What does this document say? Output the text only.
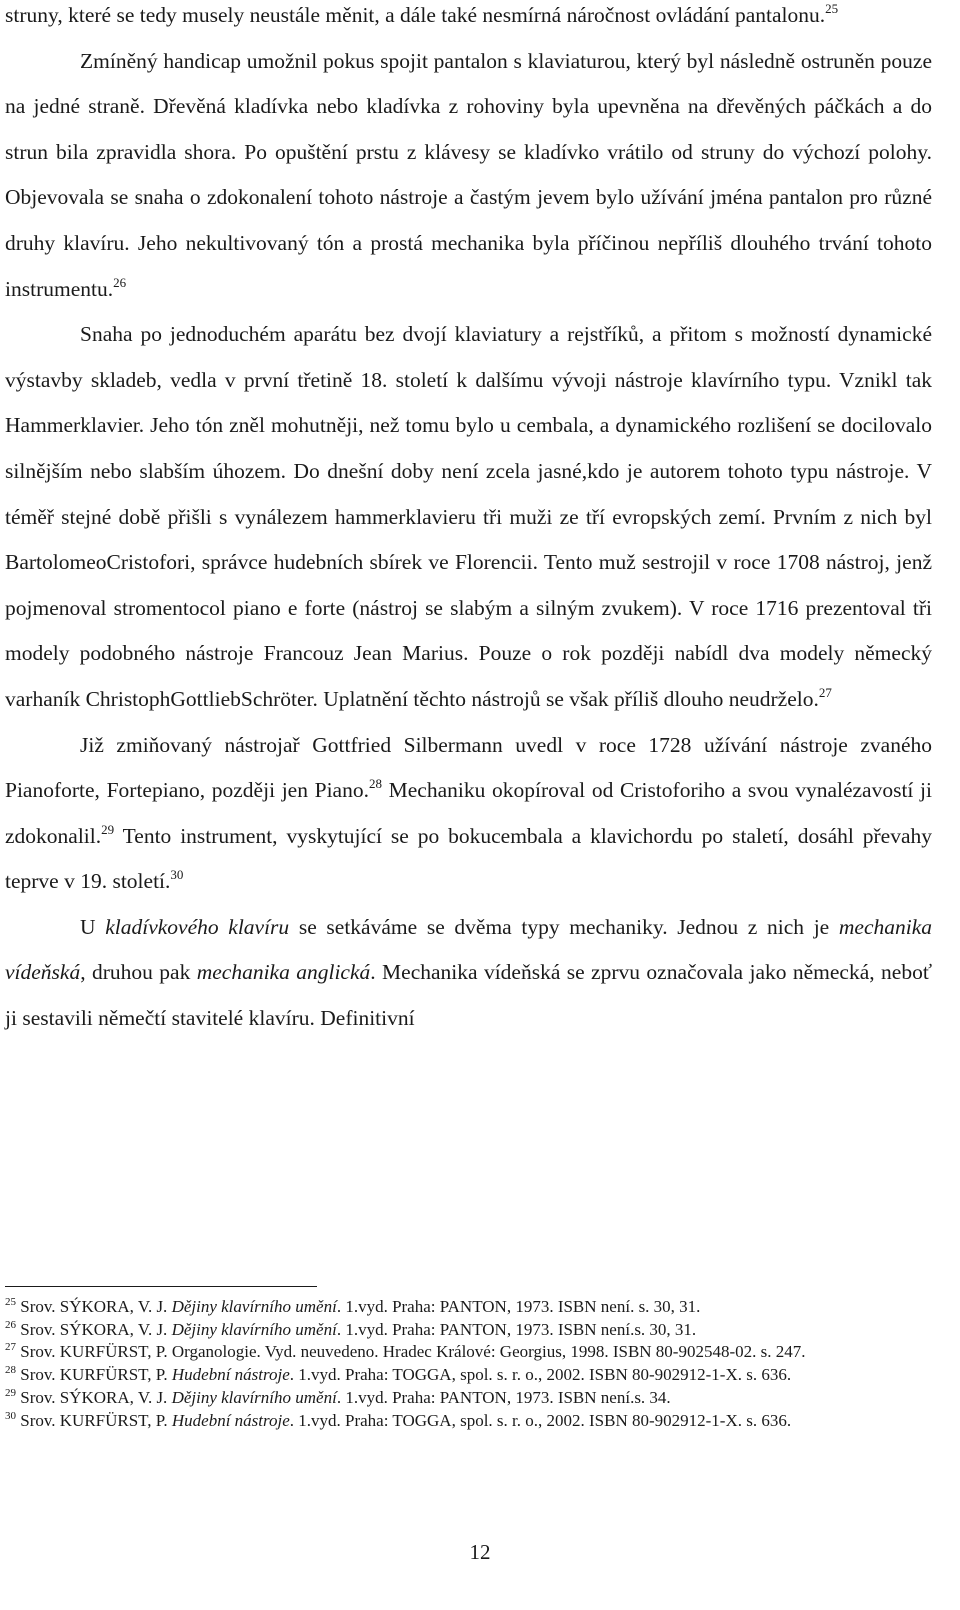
struny, které se tedy musely neustále měnit, a dále také nesmírná náročnost ovládání pantalonu.$^{25}$

Zmíněný handicap umožnil pokus spojit pantalon s klaviaturou, který byl následně ostruněn pouze na jedné straně. Dřevěná kladívka nebo kladívka z rohoviny byla upevněna na dřevěných páčkách a do strun bila zpravidla shora. Po opuštění prstu z klávesy se kladívko vrátilo od struny do výchozí polohy. Objevovala se snaha o zdokonalení tohoto nástroje a častým jevem bylo užívání jména pantalon pro různé druhy klavíru. Jeho nekultivovaný tón a prostá mechanika byla příčinou nepříliš dlouhého trvání tohoto instrumentu.$^{26}$

Snaha po jednoduchém aparátu bez dvojí klaviatury a rejstříků, a přitom s možností dynamické výstavby skladeb, vedla v první třetině 18. století k dalšímu vývoji nástroje klavírního typu. Vznikl tak Hammerklavier. Jeho tón zněl mohutněji, než tomu bylo u cembala, a dynamického rozlišení se docilovalo silnějším nebo slabším úhozem. Do dnešní doby není zcela jasné,kdo je autorem tohoto typu nástroje. V téměř stejné době přišli s vynálezem hammerklavieru tři muži ze tří evropských zemí. Prvním z nich byl BartolomeoCristofori, správce hudebních sbírek ve Florencii. Tento muž sestrojil v roce 1708 nástroj, jenž pojmenoval stromentocol piano e forte (nástroj se slabým a silným zvukem). V roce 1716 prezentoval tři modely podobného nástroje Francouz Jean Marius. Pouze o rok později nabídl dva modely německý varhaník ChristophGottliebSchröter. Uplatnění těchto nástrojů se však příliš dlouho neudrželo.$^{27}$

Již zmiňovaný nástrojař Gottfried Silbermann uvedl v roce 1728 užívání nástroje zvaného Pianoforte, Fortepiano, později jen Piano.$^{28}$ Mechaniku okopíroval od Cristoforiho a svou vynalézavostí ji zdokonalil.$^{29}$ Tento instrument, vyskytující se po bokucembala a klavichordu po staletí, dosáhl převahy teprve v 19. století.$^{30}$

U kladívkového klavíru se setkáváme se dvěma typy mechaniky. Jednou z nich je mechanika vídeňská, druhou pak mechanika anglická. Mechanika vídeňská se zprvu označovala jako německá, neboť ji sestavili němečtí stavitelé klavíru. Definitivní

$^{25}$ Srov. SÝKORA, V. J. Dějiny klavírního umění. 1.vyd. Praha: PANTON, 1973. ISBN není. s. 30, 31.

$^{26}$ Srov. SÝKORA, V. J. Dějiny klavírního umění. 1.vyd. Praha: PANTON, 1973. ISBN není.s. 30, 31.

$^{27}$ Srov. KURFÜRST, P. Organologie. Vyd. neuvedeno. Hradec Králové: Georgius, 1998. ISBN 80-902548-02. s. 247.

$^{28}$ Srov. KURFÜRST, P. Hudební nástroje. 1.vyd. Praha: TOGGA, spol. s. r. o., 2002. ISBN 80-902912-1-X. s. 636.

$^{29}$ Srov. SÝKORA, V. J. Dějiny klavírního umění. 1.vyd. Praha: PANTON, 1973. ISBN není.s. 34.

$^{30}$ Srov. KURFÜRST, P. Hudební nástroje. 1.vyd. Praha: TOGGA, spol. s. r. o., 2002. ISBN 80-902912-1-X. s. 636.

12
